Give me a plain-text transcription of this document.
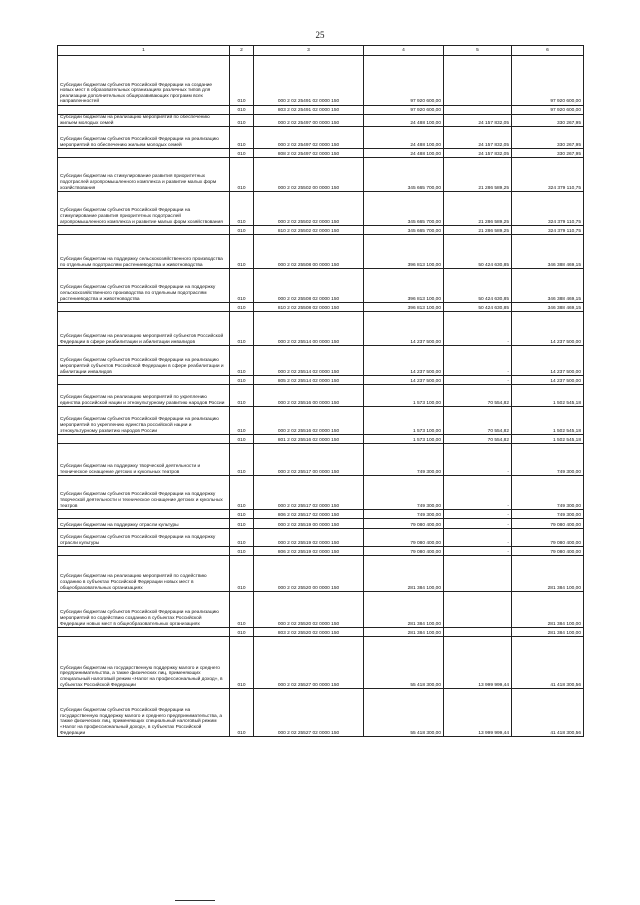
25
1	2	3	4	5	6
Субсидии бюджетам субъектов Российской Федерации на создание новых мест в образовательных организациях различных типов для реализации дополнительных общеразвивающих программ всех направленностей	010	000 2 02 25491 02 0000 150	97 920 600,00		97 920 600,00
	010	803 2 02 25491 02 0000 150	97 920 600,00		97 920 600,00
Субсидии бюджетам на реализацию мероприятий по обеспечению жильем молодых семей	010	000 2 02 25497 00 0000 150	24 488 100,00	24 157 832,05	330 267,95
Субсидии бюджетам субъектов Российской Федерации на реализацию мероприятий по обеспечению жильем молодых семей	010	000 2 02 25497 02 0000 150	24 488 100,00	24 157 832,05	330 267,95
	010	808 2 02 25497 02 0000 150	24 488 100,00	24 157 832,05	330 267,95
Субсидии бюджетам на стимулирование развития приоритетных подотраслей агропромышленного комплекса и развитие малых форм хозяйствования	010	000 2 02 25502 00 0000 150	345 665 700,00	21 286 589,25	324 379 110,75
Субсидии бюджетам субъектов Российской Федерации на стимулирование развития приоритетных подотраслей агропромышленного комплекса и развитие малых форм хозяйствования	010	000 2 02 25502 02 0000 150	345 665 700,00	21 286 589,25	324 379 110,75
	010	810 2 02 25502 02 0000 150	345 665 700,00	21 286 589,25	324 379 110,75
Субсидии бюджетам на поддержку сельскохозяйственного производства по отдельным подотраслям растениеводства и животноводства	010	000 2 02 25508 00 0000 150	396 813 100,00	50 424 630,85	346 388 469,15
Субсидии бюджетам субъектов Российской Федерации на поддержку сельскохозяйственного производства по отдельным подотраслям растениеводства и животноводства	010	000 2 02 25508 02 0000 150	396 813 100,00	50 424 630,85	346 388 469,15
	010	810 2 02 25508 02 0000 150	396 813 100,00	50 424 630,85	346 388 469,15
Субсидии бюджетам на реализацию мероприятий субъектов Российской Федерации в сфере реабилитации и абилитации инвалидов	010	000 2 02 25514 00 0000 150	14 237 500,00	-	14 237 500,00
Субсидии бюджетам субъектов Российской Федерации на реализацию мероприятий субъектов Российской Федерации в сфере реабилитации и абилитации инвалидов	010	000 2 02 25514 02 0000 150	14 237 500,00	-	14 237 500,00
	010	805 2 02 25514 02 0000 150	14 237 500,00	-	14 237 500,00
Субсидии бюджетам на реализацию мероприятий по укреплению единства российской нации и этнокультурному развитию народов России	010	000 2 02 25516 00 0000 150	1 573 100,00	70 554,82	1 502 545,18
Субсидии бюджетам субъектов Российской Федерации на реализацию мероприятий по укреплению единства российской нации и этнокультурному развитию народов России	010	000 2 02 25516 02 0000 150	1 573 100,00	70 554,82	1 502 545,18
	010	801 2 02 25516 02 0000 150	1 573 100,00	70 554,82	1 502 545,18
Субсидии бюджетам на поддержку творческой деятельности и техническое оснащение детских и кукольных театров	010	000 2 02 25517 00 0000 150	749 300,00	-	749 300,00
Субсидии бюджетам субъектов Российской Федерации на поддержку творческой деятельности и техническое оснащение детских и кукольных театров	010	000 2 02 25517 02 0000 150	749 300,00	-	749 300,00
	010	806 2 02 25517 02 0000 150	749 300,00	-	749 300,00
Субсидии бюджетам на поддержку отрасли культуры	010	000 2 02 25519 00 0000 150	79 080 400,00	-	79 080 400,00
Субсидии бюджетам субъектов Российской Федерации на поддержку отрасли культуры	010	000 2 02 25519 02 0000 150	79 080 400,00	-	79 080 400,00
	010	806 2 02 25519 02 0000 150	79 080 400,00	-	79 080 400,00
Субсидии бюджетам на реализацию мероприятий по содействию созданию в субъектах Российской Федерации новых мест в общеобразовательных организациях	010	000 2 02 25520 00 0000 150	281 384 100,00		281 384 100,00
Субсидии бюджетам субъектов Российской Федерации на реализацию мероприятий по содействию созданию в субъектах Российской Федерации новых мест в общеобразовательных организациях	010	000 2 02 25520 02 0000 150	281 384 100,00		281 384 100,00
	010	803 2 02 25520 02 0000 150	281 384 100,00		281 384 100,00
Субсидии бюджетам на государственную поддержку малого и среднего предпринимательства, а также физических лиц, применяющих специальный налоговый режим «Налог на профессиональный доход», в субъектах Российской Федерации	010	000 2 02 25527 00 0000 150	55 418 300,00	13 999 999,44	41 418 300,56
Субсидии бюджетам субъектов Российской Федерации на государственную поддержку малого и среднего предпринимательства, а также физических лиц, применяющих специальный налоговый режим «Налог на профессиональный доход», в субъектах Российской Федерации	010	000 2 02 25527 02 0000 150	55 418 300,00	13 999 999,44	41 418 300,56
